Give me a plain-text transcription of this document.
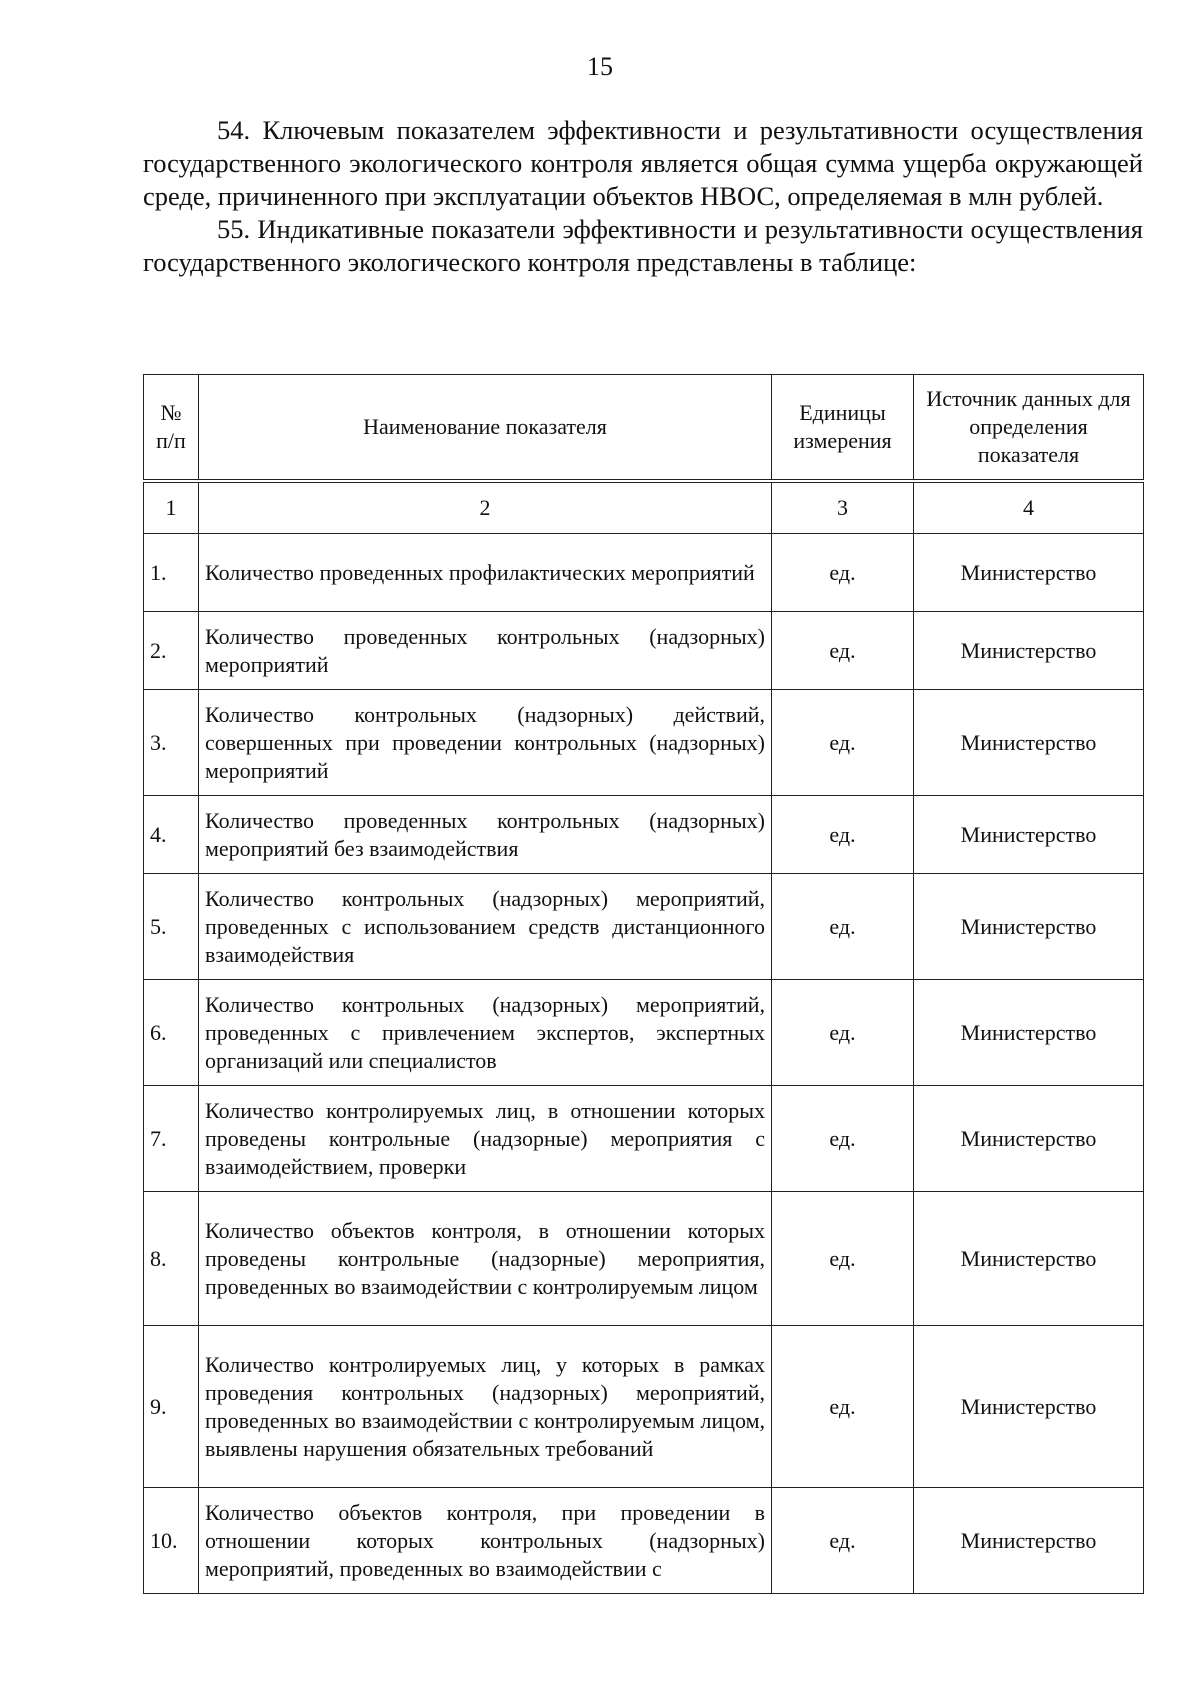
15

54. Ключевым показателем эффективности и результативности осуществления государственного экологического контроля является общая сумма ущерба окружающей среде, причиненного при эксплуатации объектов НВОС, определяемая в млн рублей.

55. Индикативные показатели эффективности и результативности осуществления государственного экологического контроля представлены в таблице:

№ п/п	Наименование показателя	Единицы измерения	Источник данных для определения показателя
1	2	3	4
1.	Количество проведенных профилактических мероприятий	ед.	Министерство
2.	Количество проведенных контрольных (надзорных) мероприятий	ед.	Министерство
3.	Количество контрольных (надзорных) действий, совершенных при проведении контрольных (надзорных) мероприятий	ед.	Министерство
4.	Количество проведенных контрольных (надзорных) мероприятий без взаимодействия	ед.	Министерство
5.	Количество контрольных (надзорных) мероприятий, проведенных с использованием средств дистанционного взаимодействия	ед.	Министерство
6.	Количество контрольных (надзорных) мероприятий, проведенных с привлечением экспертов, экспертных организаций или специалистов	ед.	Министерство
7.	Количество контролируемых лиц, в отношении которых проведены контрольные (надзорные) мероприятия с взаимодействием, проверки	ед.	Министерство
8.	Количество объектов контроля, в отношении которых проведены контрольные (надзорные) мероприятия, проведенных во взаимодействии с контролируемым лицом	ед.	Министерство
9.	Количество контролируемых лиц, у которых в рамках проведения контрольных (надзорных) мероприятий, проведенных во взаимодействии с контролируемым лицом, выявлены нарушения обязательных требований	ед.	Министерство
10.	Количество объектов контроля, при проведении в отношении которых контрольных (надзорных) мероприятий, проведенных во взаимодействии с	ед.	Министерство
